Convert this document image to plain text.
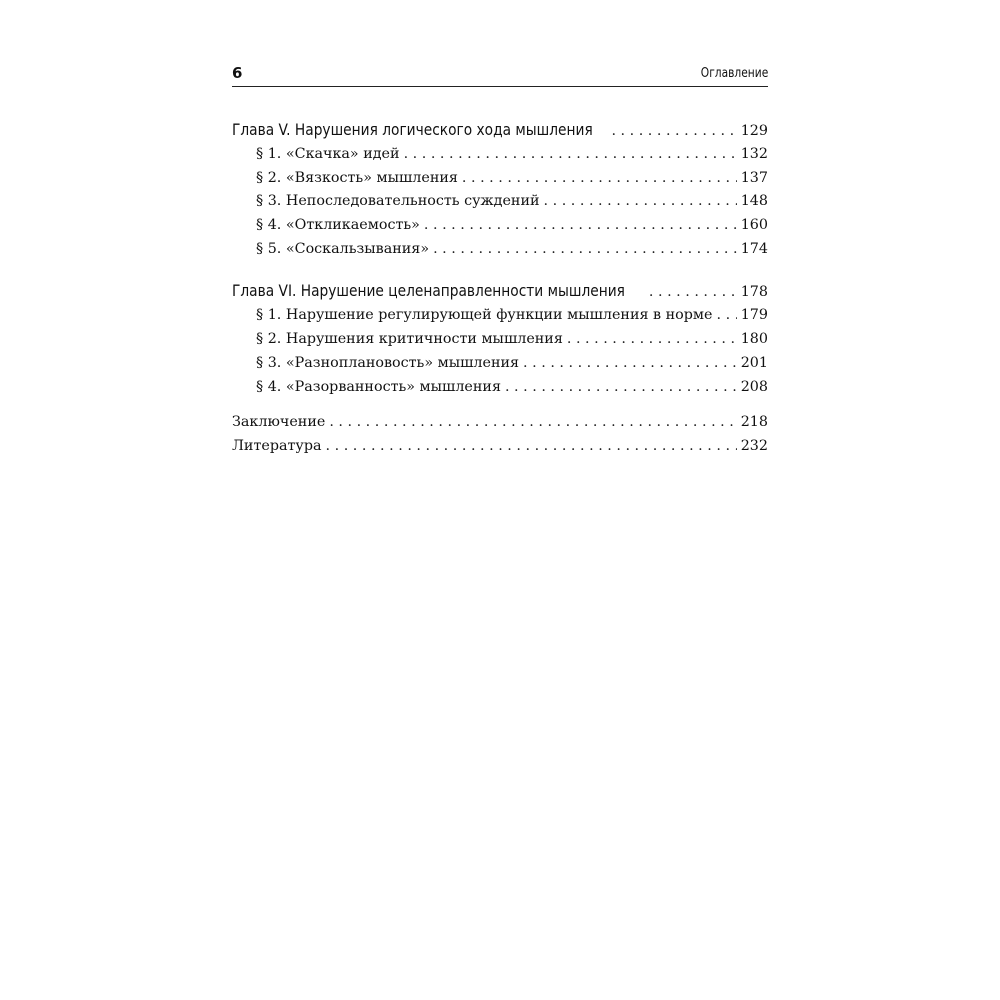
6	Оглавление
Глава V. Нарушения логического хода мышления . . .	129
§ 1. «Скачка» идей . . .	132
§ 2. «Вязкость» мышления . . .	137
§ 3. Непоследовательность суждений . . .	148
§ 4. «Откликаемость» . . .	160
§ 5. «Соскальзывания» . . .	174
Глава VI. Нарушение целенаправленности мышления . . .	178
§ 1. Нарушение регулирующей функции мышления в норме . . . 179
§ 2. Нарушения критичности мышления . . .	180
§ 3. «Разноплановость» мышления . . .	201
§ 4. «Разорванность» мышления . . .	208
Заключение . . .	218
Литература . . .	232
